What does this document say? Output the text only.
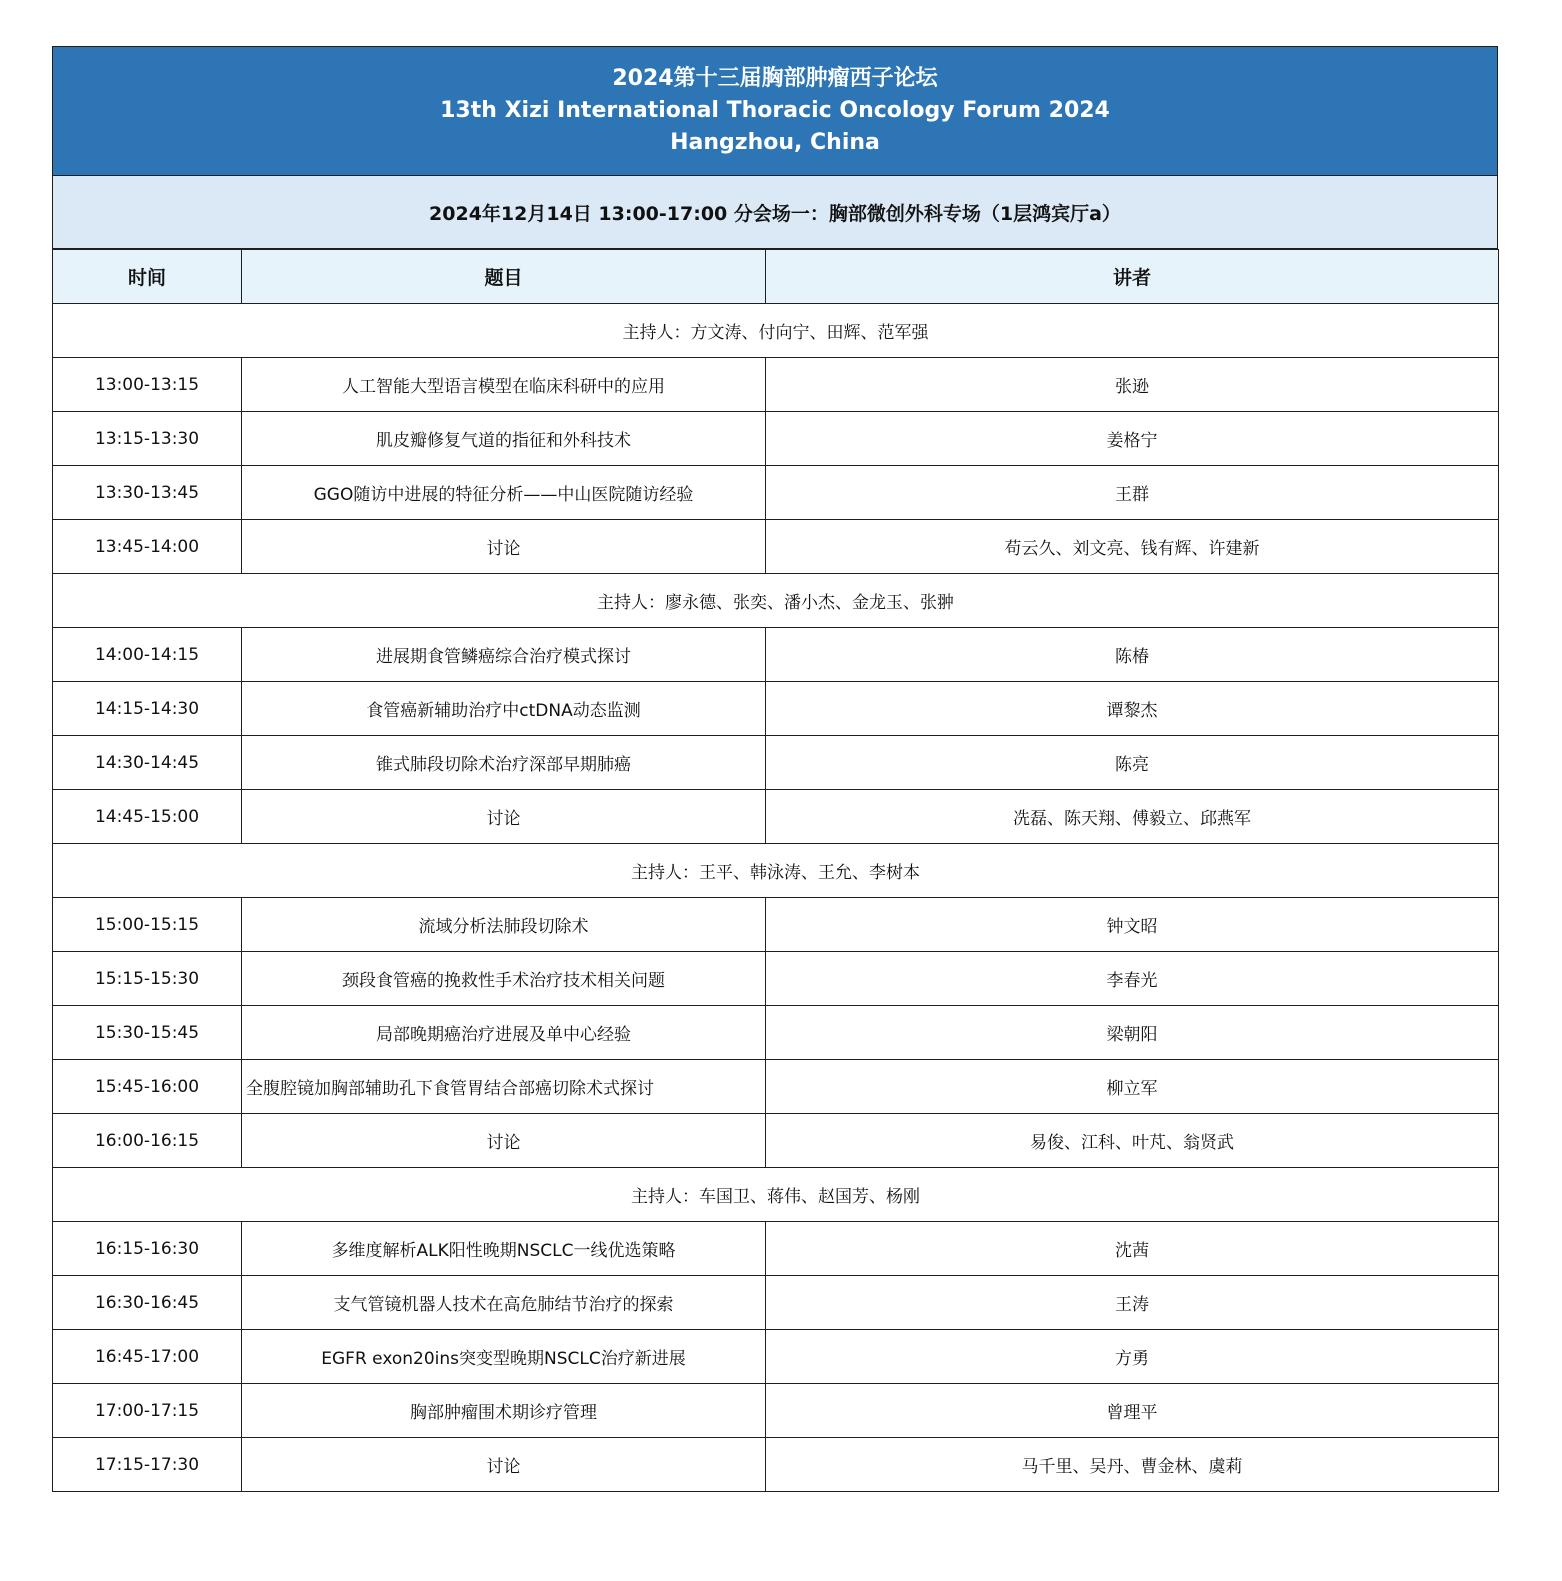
2024第十三届胸部肿瘤西子论坛
13th Xizi International Thoracic Oncology Forum 2024
Hangzhou, China
2024年12月14日 13:00-17:00 分会场一：胸部微创外科专场（1层鸿宾厅a）
时间	题目	讲者
主持人：方文涛、付向宁、田辉、范军强		
13:00-13:15	人工智能大型语言模型在临床科研中的应用	张逊
13:15-13:30	肌皮瓣修复气道的指征和外科技术	姜格宁
13:30-13:45	GGO随访中进展的特征分析——中山医院随访经验	王群
13:45-14:00	讨论	苟云久、刘文亮、钱有辉、许建新
主持人：廖永德、张奕、潘小杰、金龙玉、张翀		
14:00-14:15	进展期食管鳞癌综合治疗模式探讨	陈椿
14:15-14:30	食管癌新辅助治疗中ctDNA动态监测	谭黎杰
14:30-14:45	锥式肺段切除术治疗深部早期肺癌	陈亮
14:45-15:00	讨论	冼磊、陈天翔、傅毅立、邱燕军
主持人：王平、韩泳涛、王允、李树本		
15:00-15:15	流域分析法肺段切除术	钟文昭
15:15-15:30	颈段食管癌的挽救性手术治疗技术相关问题	李春光
15:30-15:45	局部晚期癌治疗进展及单中心经验	梁朝阳
15:45-16:00	全腹腔镜加胸部辅助孔下食管胃结合部癌切除术式探讨	柳立军
16:00-16:15	讨论	易俊、江科、叶芃、翁贤武
主持人：车国卫、蒋伟、赵国芳、杨刚		
16:15-16:30	多维度解析ALK阳性晚期NSCLC一线优选策略	沈茜
16:30-16:45	支气管镜机器人技术在高危肺结节治疗的探索	王涛
16:45-17:00	EGFR exon20ins突变型晚期NSCLC治疗新进展	方勇
17:00-17:15	胸部肿瘤围术期诊疗管理	曾理平
17:15-17:30	讨论	马千里、吴丹、曹金林、虞莉
